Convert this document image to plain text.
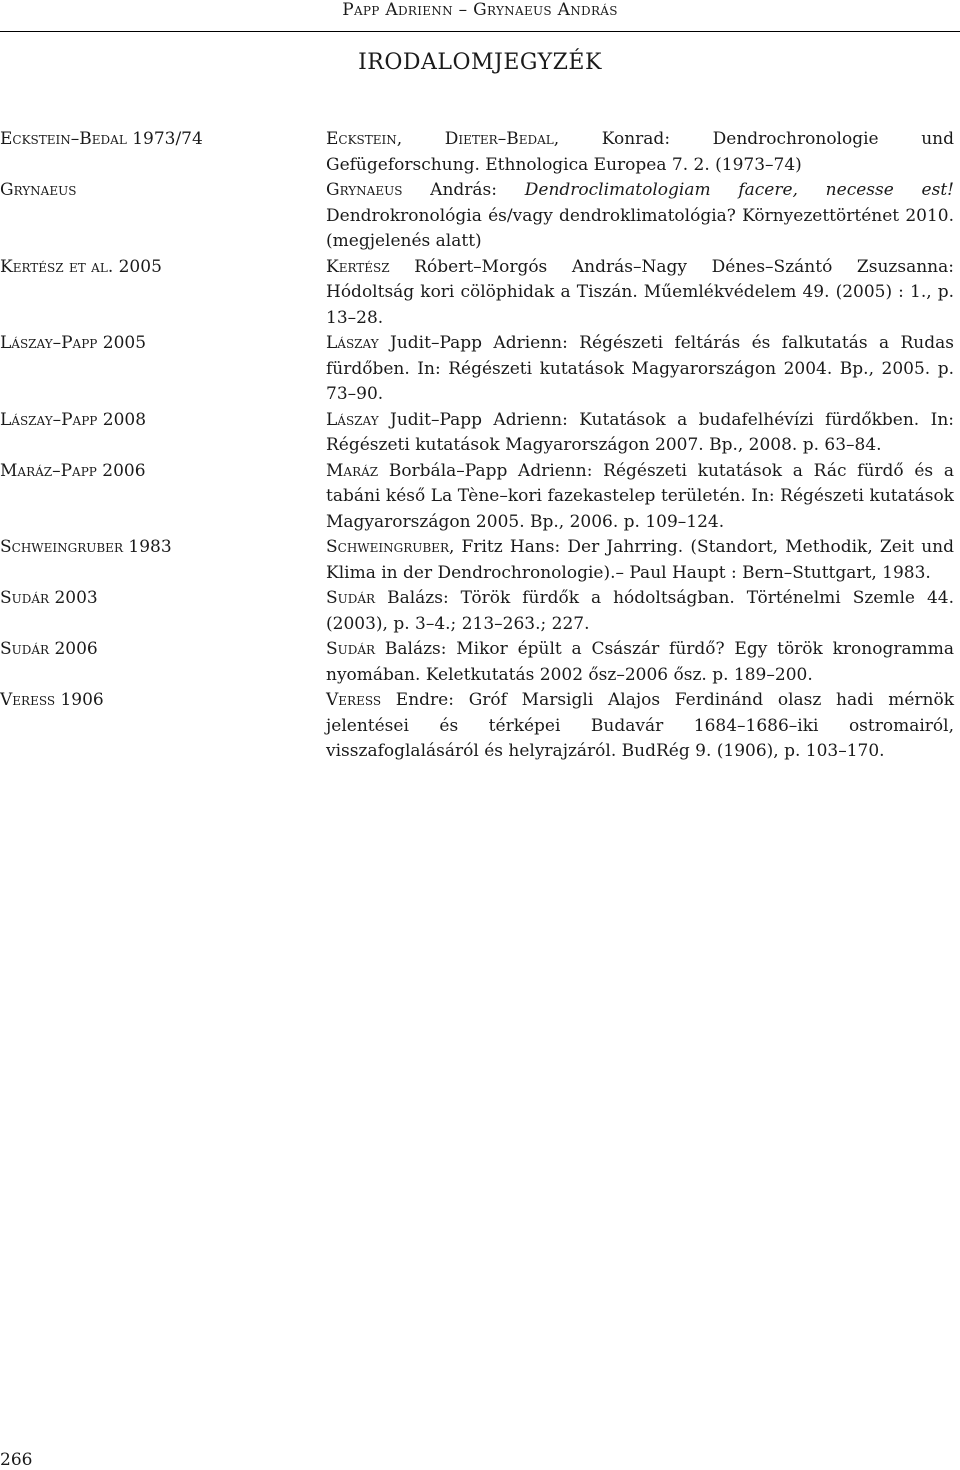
Papp Adrienn – Grynaeus András
IRODALOMJEGYZÉK
Eckstein–Bedal 1973/74	Eckstein, Dieter–Bedal, Konrad: Dendrochronologie und Gefügeforschung. Ethnologica Europea 7. 2. (1973–74)
Grynaeus	Grynaeus András: Dendroclimatologiam facere, necesse est! Dendrokronológia és/vagy dendroklimatológia? Környezettörténet 2010. (megjelenés alatt)
Kertész et al. 2005	Kertész Róbert–Morgós András–Nagy Dénes–Szántó Zsuzsanna: Hódoltság kori cölöphidak a Tiszán. Műemlékvédelem 49. (2005) : 1., p. 13–28.
Lászay–Papp 2005	Lászay Judit–Papp Adrienn: Régészeti feltárás és falkutatás a Rudas fürdőben. In: Régészeti kutatások Magyarországon 2004. Bp., 2005. p. 73–90.
Lászay–Papp 2008	Lászay Judit–Papp Adrienn: Kutatások a budafelhévízi fürdőkben. In: Régészeti kutatások Magyarországon 2007. Bp., 2008. p. 63–84.
Maráz–Papp 2006	Maráz Borbála–Papp Adrienn: Régészeti kutatások a Rác fürdő és a tabáni késő La Tène–kori fazekastelep területén. In: Régészeti kutatások Magyarországon 2005. Bp., 2006. p. 109–124.
Schweingruber 1983	Schweingruber, Fritz Hans: Der Jahrring. (Standort, Methodik, Zeit und Klima in der Dendrochronologie).– Paul Haupt : Bern–Stuttgart, 1983.
Sudár 2003	Sudár Balázs: Török fürdők a hódoltságban. Történelmi Szemle 44. (2003), p. 3–4.; 213–263.; 227.
Sudár 2006	Sudár Balázs: Mikor épült a Császár fürdő? Egy török kronogramma nyomában. Keletkutatás 2002 ősz–2006 ősz. p. 189–200.
Veress 1906	Veress Endre: Gróf Marsigli Alajos Ferdinánd olasz hadi mérnök jelentései és térképei Budavár 1684–1686–iki ostromairól, visszafoglalásáról és helyrajzáról. BudRég 9. (1906), p. 103–170.
266
